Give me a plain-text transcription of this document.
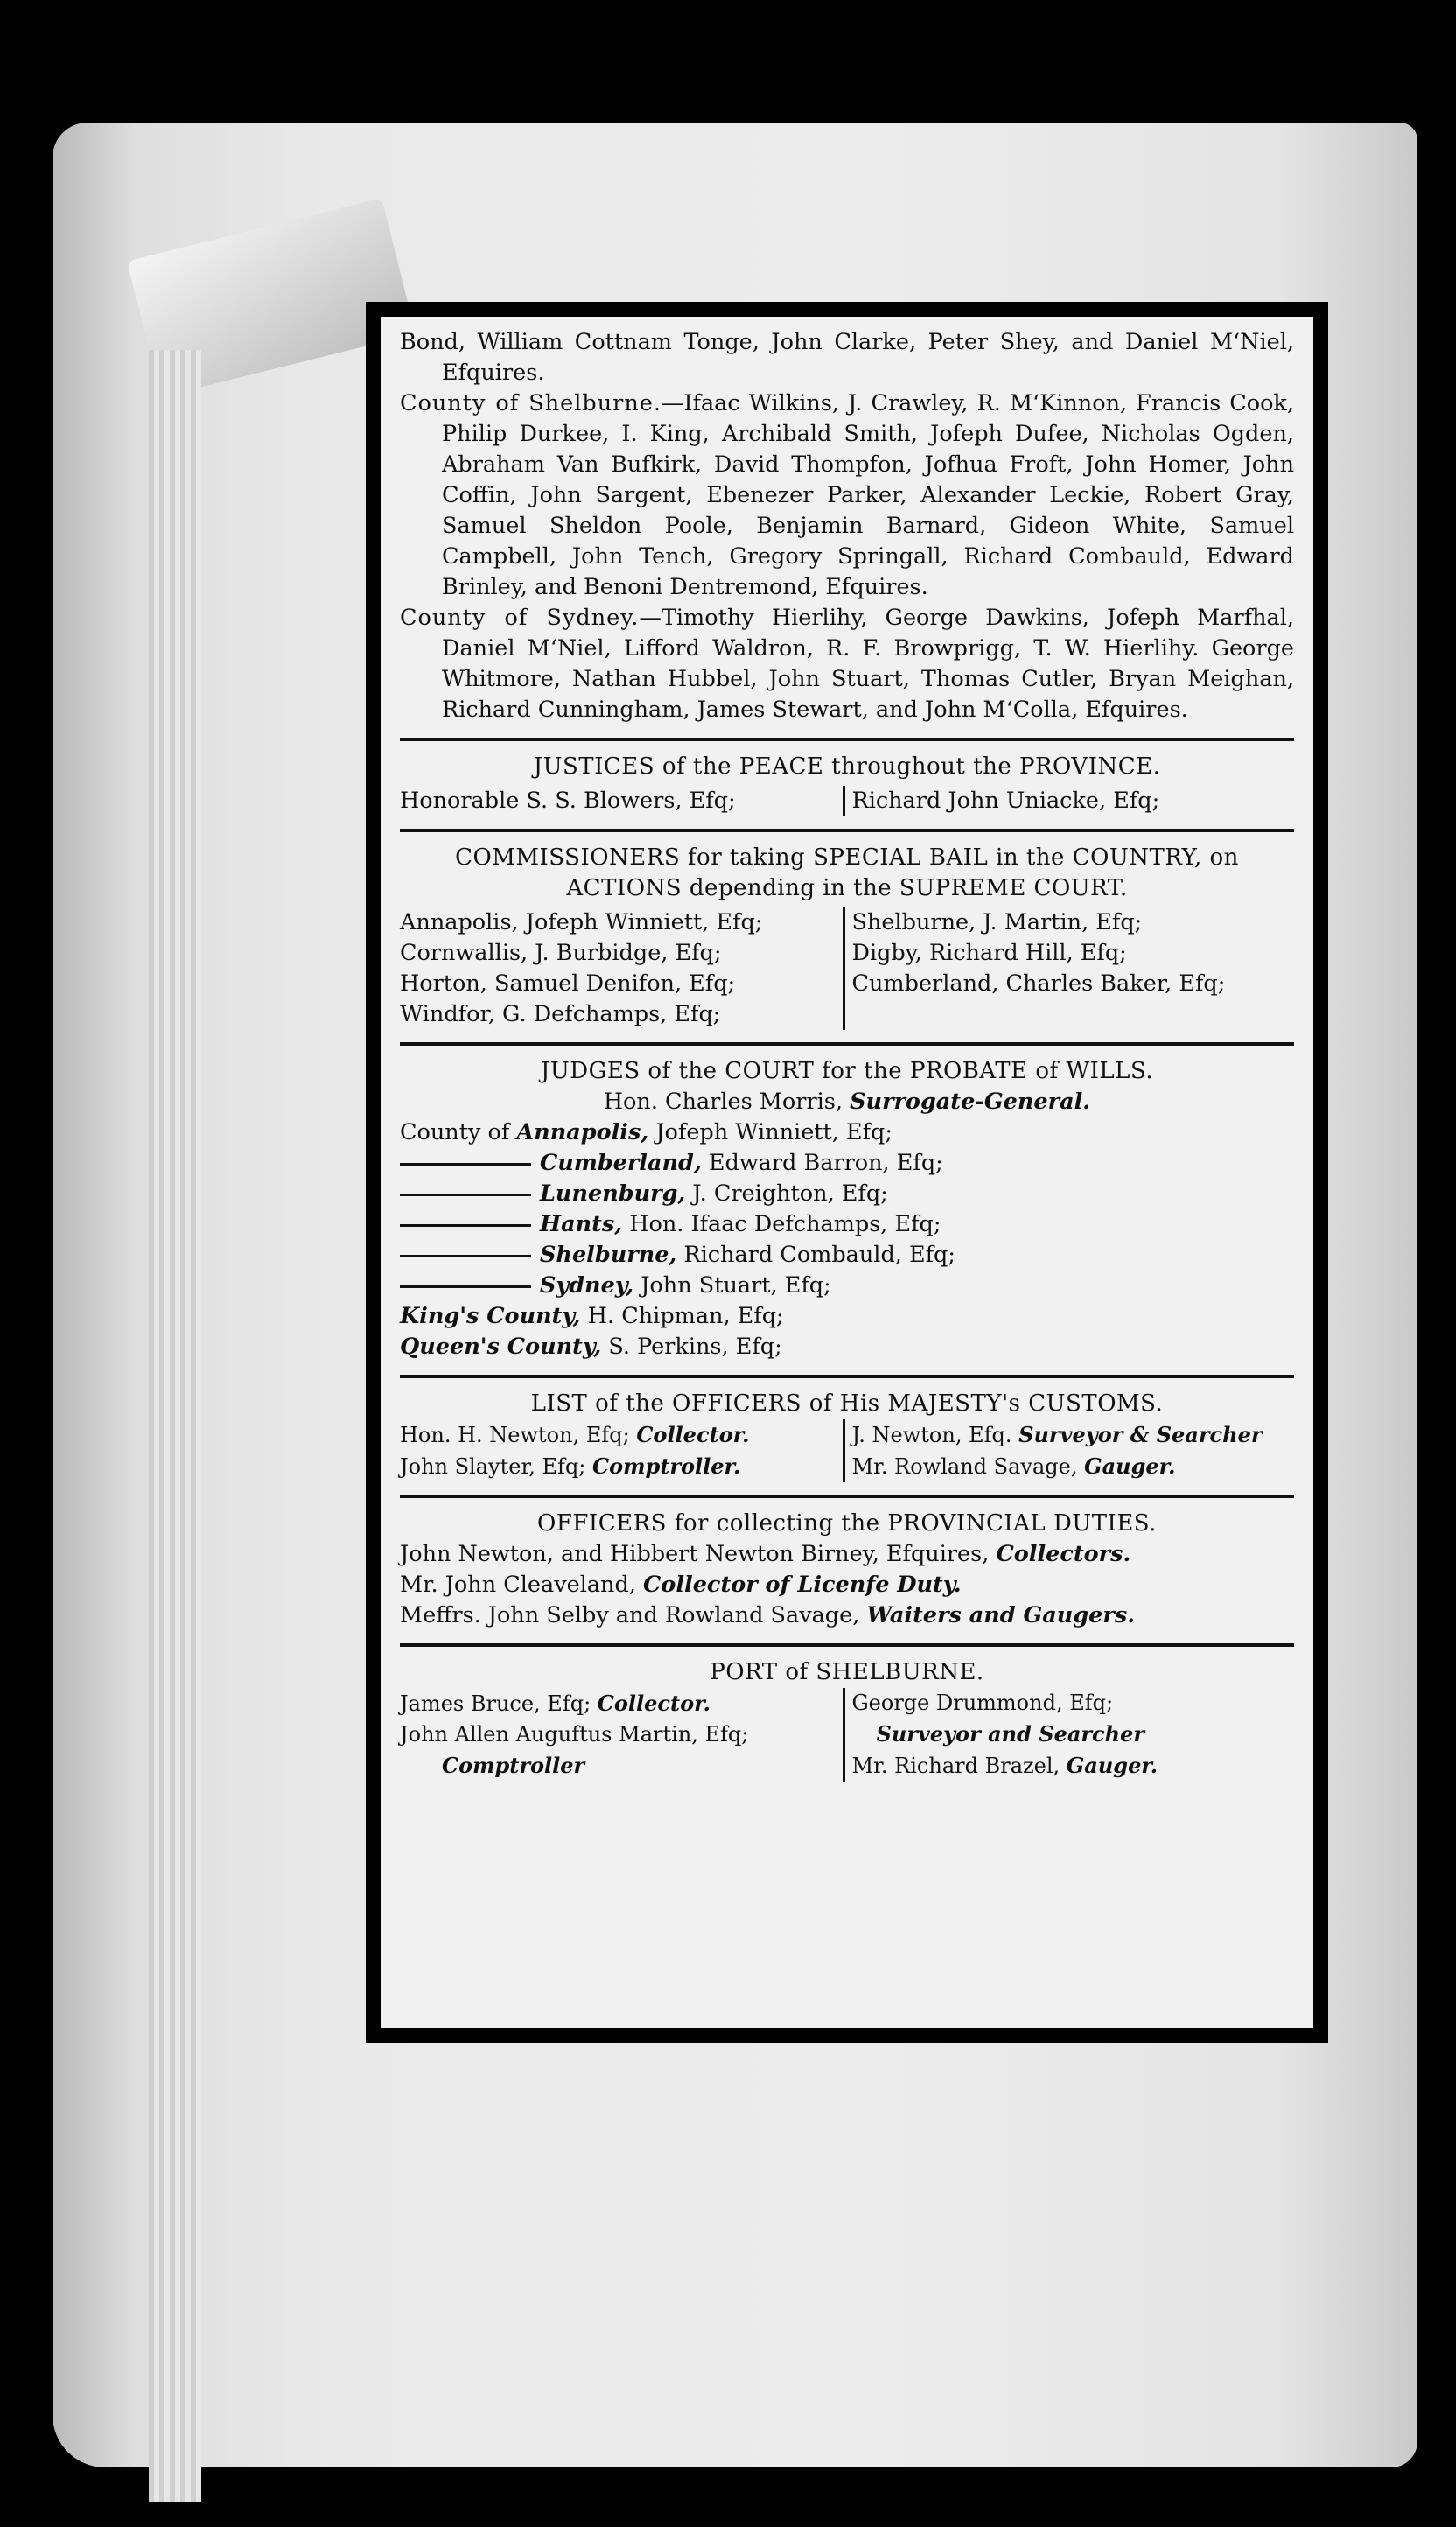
Bond, William Cottnam Tonge, John Clarke, Peter Shey, and Daniel M‘Niel, Efquires.

County of Shelburne.—Ifaac Wilkins, J. Crawley, R. M‘Kinnon, Francis Cook, Philip Durkee, I. King, Archibald Smith, Jofeph Dufee, Nicholas Ogden, Abraham Van Bufkirk, David Thompfon, Jofhua Froft, John Homer, John Coffin, John Sargent, Ebenezer Parker, Alexander Leckie, Robert Gray, Samuel Sheldon Poole, Benjamin Barnard, Gideon White, Samuel Campbell, John Tench, Gregory Springall, Richard Combauld, Edward Brinley, and Benoni Dentremond, Efquires.

County of Sydney.—Timothy Hierlihy, George Dawkins, Jofeph Marfhal, Daniel M‘Niel, Lifford Waldron, R. F. Browprigg, T. W. Hierlihy. George Whitmore, Nathan Hubbel, John Stuart, Thomas Cutler, Bryan Meighan, Richard Cunningham, James Stewart, and John M‘Colla, Efquires.

JUSTICES of the PEACE throughout the PROVINCE.

Honorable S. S. Blowers, Efq;	Richard John Uniacke, Efq;

COMMISSIONERS for taking SPECIAL BAIL in the COUNTRY, on ACTIONS depending in the SUPREME COURT.

Annapolis, Jofeph Winniett, Efq;

Cornwallis, J. Burbidge, Efq;

Horton, Samuel Denifon, Efq;

Windfor, G. Defchamps, Efq;

Shelburne, J. Martin, Efq;

Digby, Richard Hill, Efq;

Cumberland, Charles Baker, Efq;

JUDGES of the COURT for the PROBATE of WILLS.

Hon. Charles Morris, Surrogate-General.

County of Annapolis, Jofeph Winniett, Efq;

Cumberland, Edward Barron, Efq;

Lunenburg, J. Creighton, Efq;

Hants, Hon. Ifaac Defchamps, Efq;

Shelburne, Richard Combauld, Efq;

Sydney, John Stuart, Efq;

King's County, H. Chipman, Efq;

Queen's County, S. Perkins, Efq;

LIST of the OFFICERS of His MAJESTY's CUSTOMS.

Hon. H. Newton, Efq; Collector.

John Slayter, Efq; Comptroller.

J. Newton, Efq. Surveyor & Searcher

Mr. Rowland Savage, Gauger.

OFFICERS for collecting the PROVINCIAL DUTIES.

John Newton, and Hibbert Newton Birney, Efquires, Collectors.

Mr. John Cleaveland, Collector of Licenfe Duty.

Meffrs. John Selby and Rowland Savage, Waiters and Gaugers.

PORT of SHELBURNE.

James Bruce, Efq; Collector.

John Allen Auguftus Martin, Efq;

Comptroller

George Drummond, Efq;

Surveyor and Searcher

Mr. Richard Brazel, Gauger.
